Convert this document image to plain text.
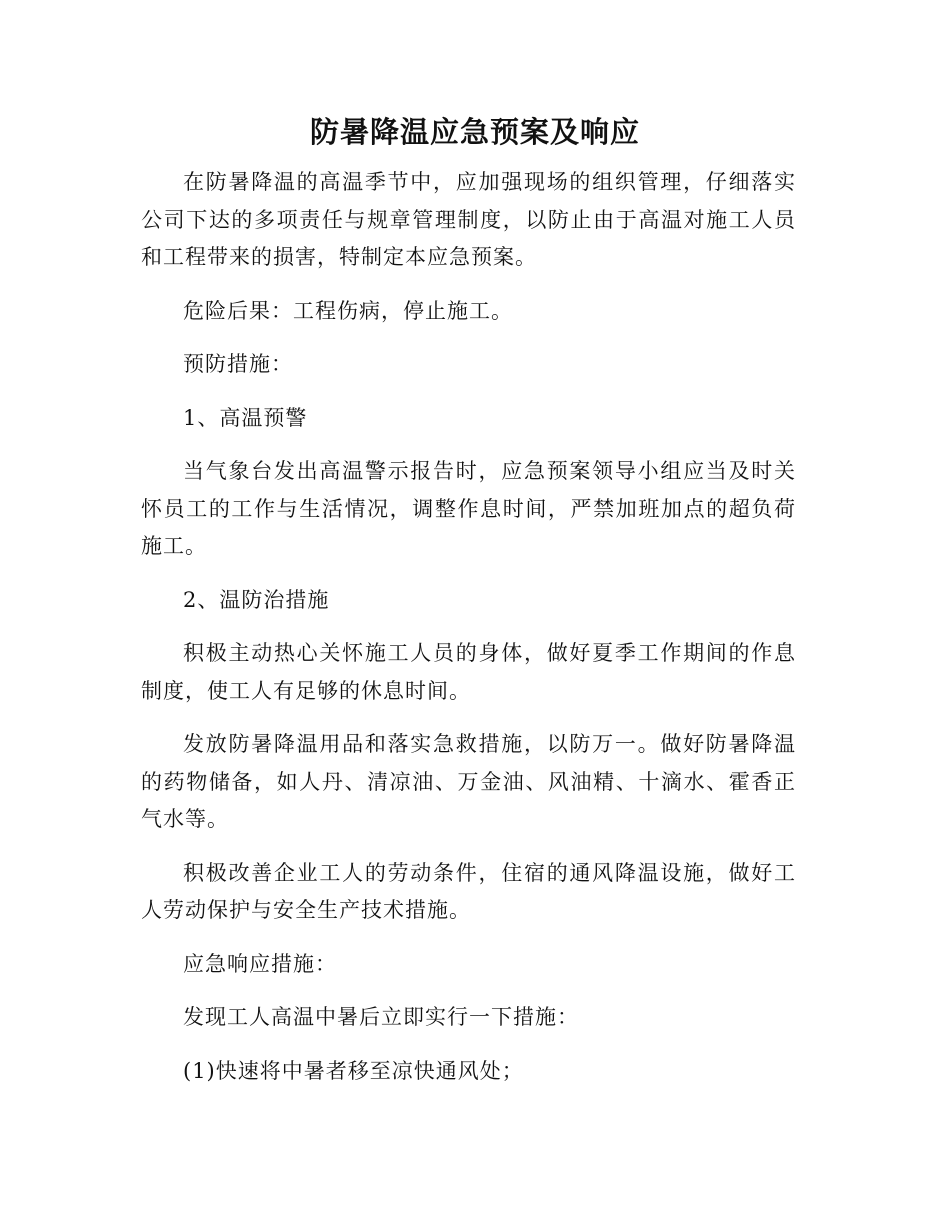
防暑降温应急预案及响应

在防暑降温的高温季节中，应加强现场的组织管理，仔细落实公司下达的多项责任与规章管理制度，以防止由于高温对施工人员和工程带来的损害，特制定本应急预案。

危险后果：工程伤病，停止施工。

预防措施：

1、高温预警

当气象台发出高温警示报告时，应急预案领导小组应当及时关怀员工的工作与生活情况，调整作息时间，严禁加班加点的超负荷施工。

2、温防治措施

积极主动热心关怀施工人员的身体，做好夏季工作期间的作息制度，使工人有足够的休息时间。

发放防暑降温用品和落实急救措施，以防万一。做好防暑降温的药物储备，如人丹、清凉油、万金油、风油精、十滴水、霍香正气水等。

积极改善企业工人的劳动条件，住宿的通风降温设施，做好工人劳动保护与安全生产技术措施。

应急响应措施：

发现工人高温中暑后立即实行一下措施：

(1)快速将中暑者移至凉快通风处；
